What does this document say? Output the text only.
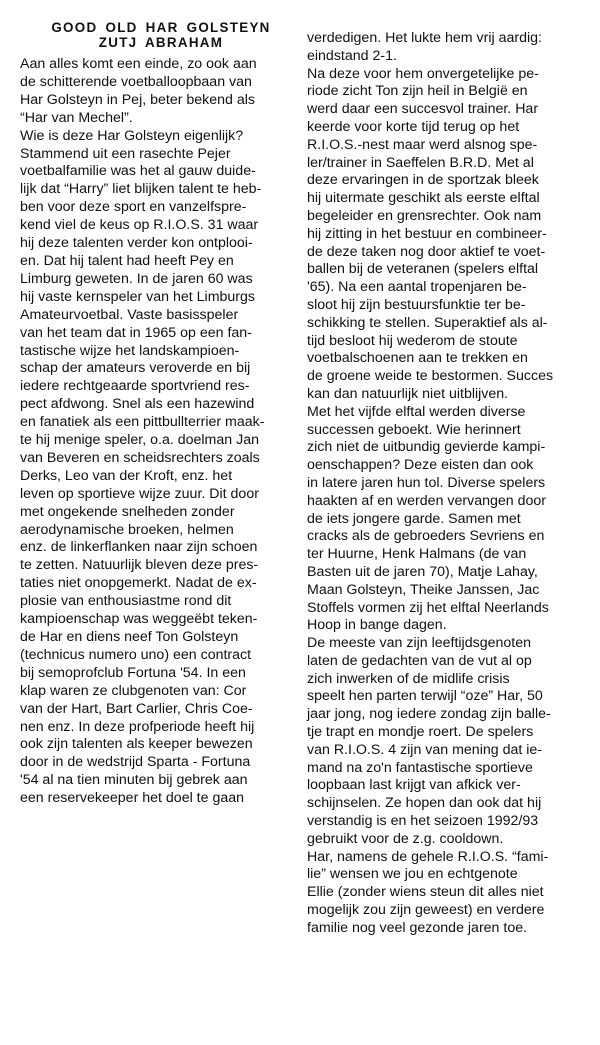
GOOD OLD HAR GOLSTEYN
ZUTJ ABRAHAM
Aan alles komt een einde, zo ook aan
de schitterende voetballoopbaan van
Har Golsteyn in Pej, beter bekend als
“Har van Mechel”.
Wie is deze Har Golsteyn eigenlijk?
Stammend uit een rasechte Pejer
voetbalfamilie was het al gauw duide-
lijk dat “Harry” liet blijken talent te heb-
ben voor deze sport en vanzelfspre-
kend viel de keus op R.I.O.S. 31 waar
hij deze talenten verder kon ontplooi-
en. Dat hij talent had heeft Pey en
Limburg geweten. In de jaren 60 was
hij vaste kernspeler van het Limburgs
Amateurvoetbal. Vaste basisspeler
van het team dat in 1965 op een fan-
tastische wijze het landskampioen-
schap der amateurs veroverde en bij
iedere rechtgeaarde sportvriend res-
pect afdwong. Snel als een hazewind
en fanatiek als een pittbullterrier maak-
te hij menige speler, o.a. doelman Jan
van Beveren en scheidsrechters zoals
Derks, Leo van der Kroft, enz. het
leven op sportieve wijze zuur. Dit door
met ongekende snelheden zonder
aerodynamische broeken, helmen
enz. de linkerflanken naar zijn schoen
te zetten. Natuurlijk bleven deze pres-
taties niet onopgemerkt. Nadat de ex-
plosie van enthousiastme rond dit
kampioenschap was weggeëbt teken-
de Har en diens neef Ton Golsteyn
(technicus numero uno) een contract
bij semoprofclub Fortuna '54. In een
klap waren ze clubgenoten van: Cor
van der Hart, Bart Carlier, Chris Coe-
nen enz. In deze profperiode heeft hij
ook zijn talenten als keeper bewezen
door in de wedstrijd Sparta - Fortuna
'54 al na tien minuten bij gebrek aan
een reservekeeper het doel te gaan
verdedigen. Het lukte hem vrij aardig:
eindstand 2-1.
Na deze voor hem onvergetelijke pe-
riode zicht Ton zijn heil in België en
werd daar een succesvol trainer. Har
keerde voor korte tijd terug op het
R.I.O.S.-nest maar werd alsnog spe-
ler/trainer in Saeffelen B.R.D. Met al
deze ervaringen in de sportzak bleek
hij uitermate geschikt als eerste elftal
begeleider en grensrechter. Ook nam
hij zitting in het bestuur en combineer-
de deze taken nog door aktief te voet-
ballen bij de veteranen (spelers elftal
'65). Na een aantal tropenjaren be-
sloot hij zijn bestuursfunktie ter be-
schikking te stellen. Superaktief als al-
tijd besloot hij wederom de stoute
voetbalschoenen aan te trekken en
de groene weide te bestormen. Succes
kan dan natuurlijk niet uitblijven.
Met het vijfde elftal werden diverse
successen geboekt. Wie herinnert
zich niet de uitbundig gevierde kampi-
oenschappen? Deze eisten dan ook
in latere jaren hun tol. Diverse spelers
haakten af en werden vervangen door
de iets jongere garde. Samen met
cracks als de gebroeders Sevriens en
ter Huurne, Henk Halmans (de van
Basten uit de jaren 70), Matje Lahay,
Maan Golsteyn, Theike Janssen, Jac
Stoffels vormen zij het elftal Neerlands
Hoop in bange dagen.
De meeste van zijn leeftijdsgenoten
laten de gedachten van de vut al op
zich inwerken of de midlife crisis
speelt hen parten terwijl “oze” Har, 50
jaar jong, nog iedere zondag zijn balle-
tje trapt en mondje roert. De spelers
van R.I.O.S. 4 zijn van mening dat ie-
mand na zo'n fantastische sportieve
loopbaan last krijgt van afkick ver-
schijnselen. Ze hopen dan ook dat hij
verstandig is en het seizoen 1992/93
gebruikt voor de z.g. cooldown.
Har, namens de gehele R.I.O.S. “fami-
lie” wensen we jou en echtgenote
Ellie (zonder wiens steun dit alles niet
mogelijk zou zijn geweest) en verdere
familie nog veel gezonde jaren toe.
